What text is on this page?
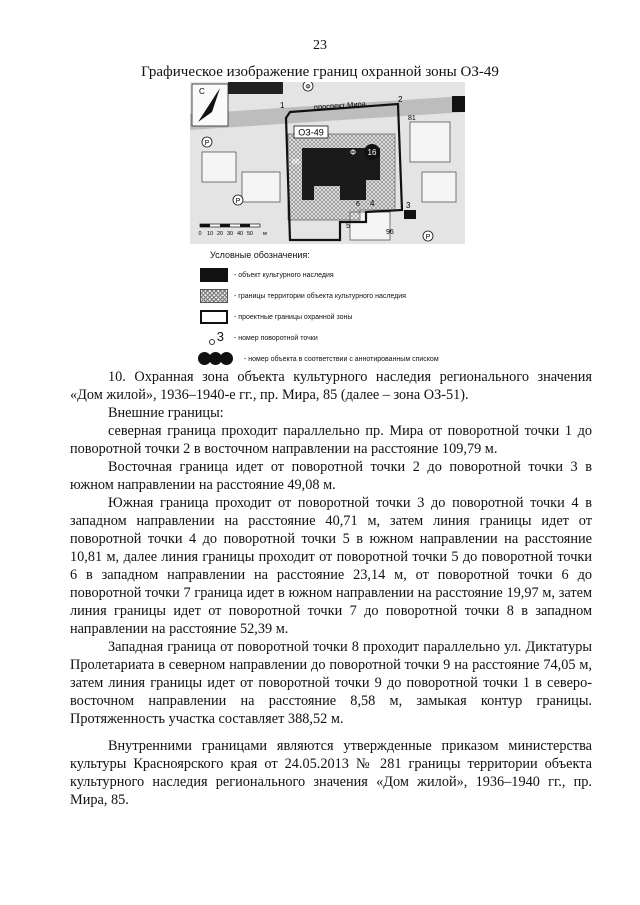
23
Графическое изображение границ охранной зоны ОЗ-49
ОЗ-49
проспект Мира
С
85
81
5
96
1
2
3
4
6
16
Ф
Р
Р
Ф
Р
0 10 20 30 40 50 м
Условные обозначения:
- объект культурного наследия
- границы территории объекта культурного наследия
- проектные границы охранной зоны
3 - номер поворотной точки
- номер объекта в соответствии с аннотированным списком

10. Охранная зона объекта культурного наследия регионального значения «Дом жилой», 1936–1940-е гг., пр. Мира, 85 (далее – зона ОЗ-51).

Внешние границы:

северная граница проходит параллельно пр. Мира от поворотной точки 1 до поворотной точки 2 в восточном направлении на расстояние 109,79 м.

Восточная граница идет от поворотной точки 2 до поворотной точки 3 в южном направлении на расстояние 49,08 м.

Южная граница проходит от поворотной точки 3 до поворотной точки 4 в западном направлении на расстояние 40,71 м, затем линия границы идет от поворотной точки 4 до поворотной точки 5 в южном направлении на расстояние 10,81 м, далее линия границы проходит от поворотной точки 5 до поворотной точки 6 в западном направлении на расстояние 23,14 м, от поворотной точки 6 до поворотной точки 7 граница идет в южном направлении на расстояние 19,97 м, затем линия границы идет от поворотной точки 7 до поворотной точки 8 в западном направлении на расстояние 52,39 м.

Западная граница от поворотной точки 8 проходит параллельно ул. Диктатуры Пролетариата в северном направлении до поворотной точки 9 на расстояние 74,05 м, затем линия границы идет от поворотной точки 9 до поворотной точки 1 в северо-восточном направлении на расстояние 8,58 м, замыкая контур границы. Протяженность участка составляет 388,52 м.

Внутренними границами являются утвержденные приказом министерства культуры Красноярского края от 24.05.2013 № 281 границы территории объекта культурного наследия регионального значения «Дом жилой», 1936–1940 гг., пр. Мира, 85.
